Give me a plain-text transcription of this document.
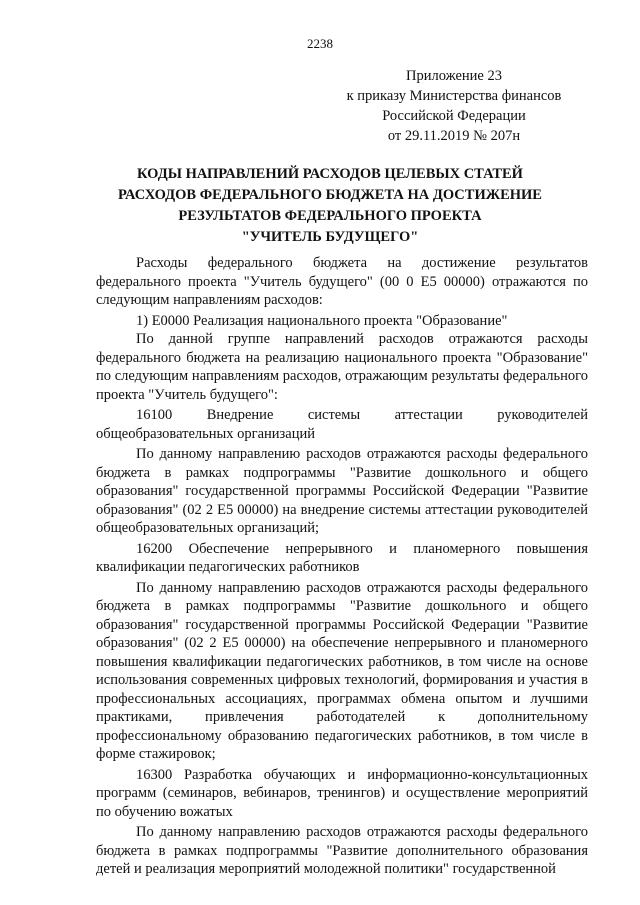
2238
Приложение 23
к приказу Министерства финансов
Российской Федерации
от 29.11.2019 № 207н
КОДЫ НАПРАВЛЕНИЙ РАСХОДОВ ЦЕЛЕВЫХ СТАТЕЙ
РАСХОДОВ ФЕДЕРАЛЬНОГО БЮДЖЕТА НА ДОСТИЖЕНИЕ
РЕЗУЛЬТАТОВ ФЕДЕРАЛЬНОГО ПРОЕКТА
"УЧИТЕЛЬ БУДУЩЕГО"

Расходы федерального бюджета на достижение результатов федерального проекта "Учитель будущего" (00 0 Е5 00000) отражаются по следующим направлениям расходов:

1) Е0000 Реализация национального проекта "Образование"

По данной группе направлений расходов отражаются расходы федерального бюджета на реализацию национального проекта "Образование" по следующим направлениям расходов, отражающим результаты федерального проекта "Учитель будущего":

16100 Внедрение системы аттестации руководителей общеобразовательных организаций

По данному направлению расходов отражаются расходы федерального бюджета в рамках подпрограммы "Развитие дошкольного и общего образования" государственной программы Российской Федерации "Развитие образования" (02 2 Е5 00000) на внедрение системы аттестации руководителей общеобразовательных организаций;

16200 Обеспечение непрерывного и планомерного повышения квалификации педагогических работников

По данному направлению расходов отражаются расходы федерального бюджета в рамках подпрограммы "Развитие дошкольного и общего образования" государственной программы Российской Федерации "Развитие образования" (02 2 Е5 00000) на обеспечение непрерывного и планомерного повышения квалификации педагогических работников, в том числе на основе использования современных цифровых технологий, формирования и участия в профессиональных ассоциациях, программах обмена опытом и лучшими практиками, привлечения работодателей к дополнительному профессиональному образованию педагогических работников, в том числе в форме стажировок;

16300 Разработка обучающих и информационно-консультационных программ (семинаров, вебинаров, тренингов) и осуществление мероприятий по обучению вожатых

По данному направлению расходов отражаются расходы федерального бюджета в рамках подпрограммы "Развитие дополнительного образования детей и реализация мероприятий молодежной политики" государственной
